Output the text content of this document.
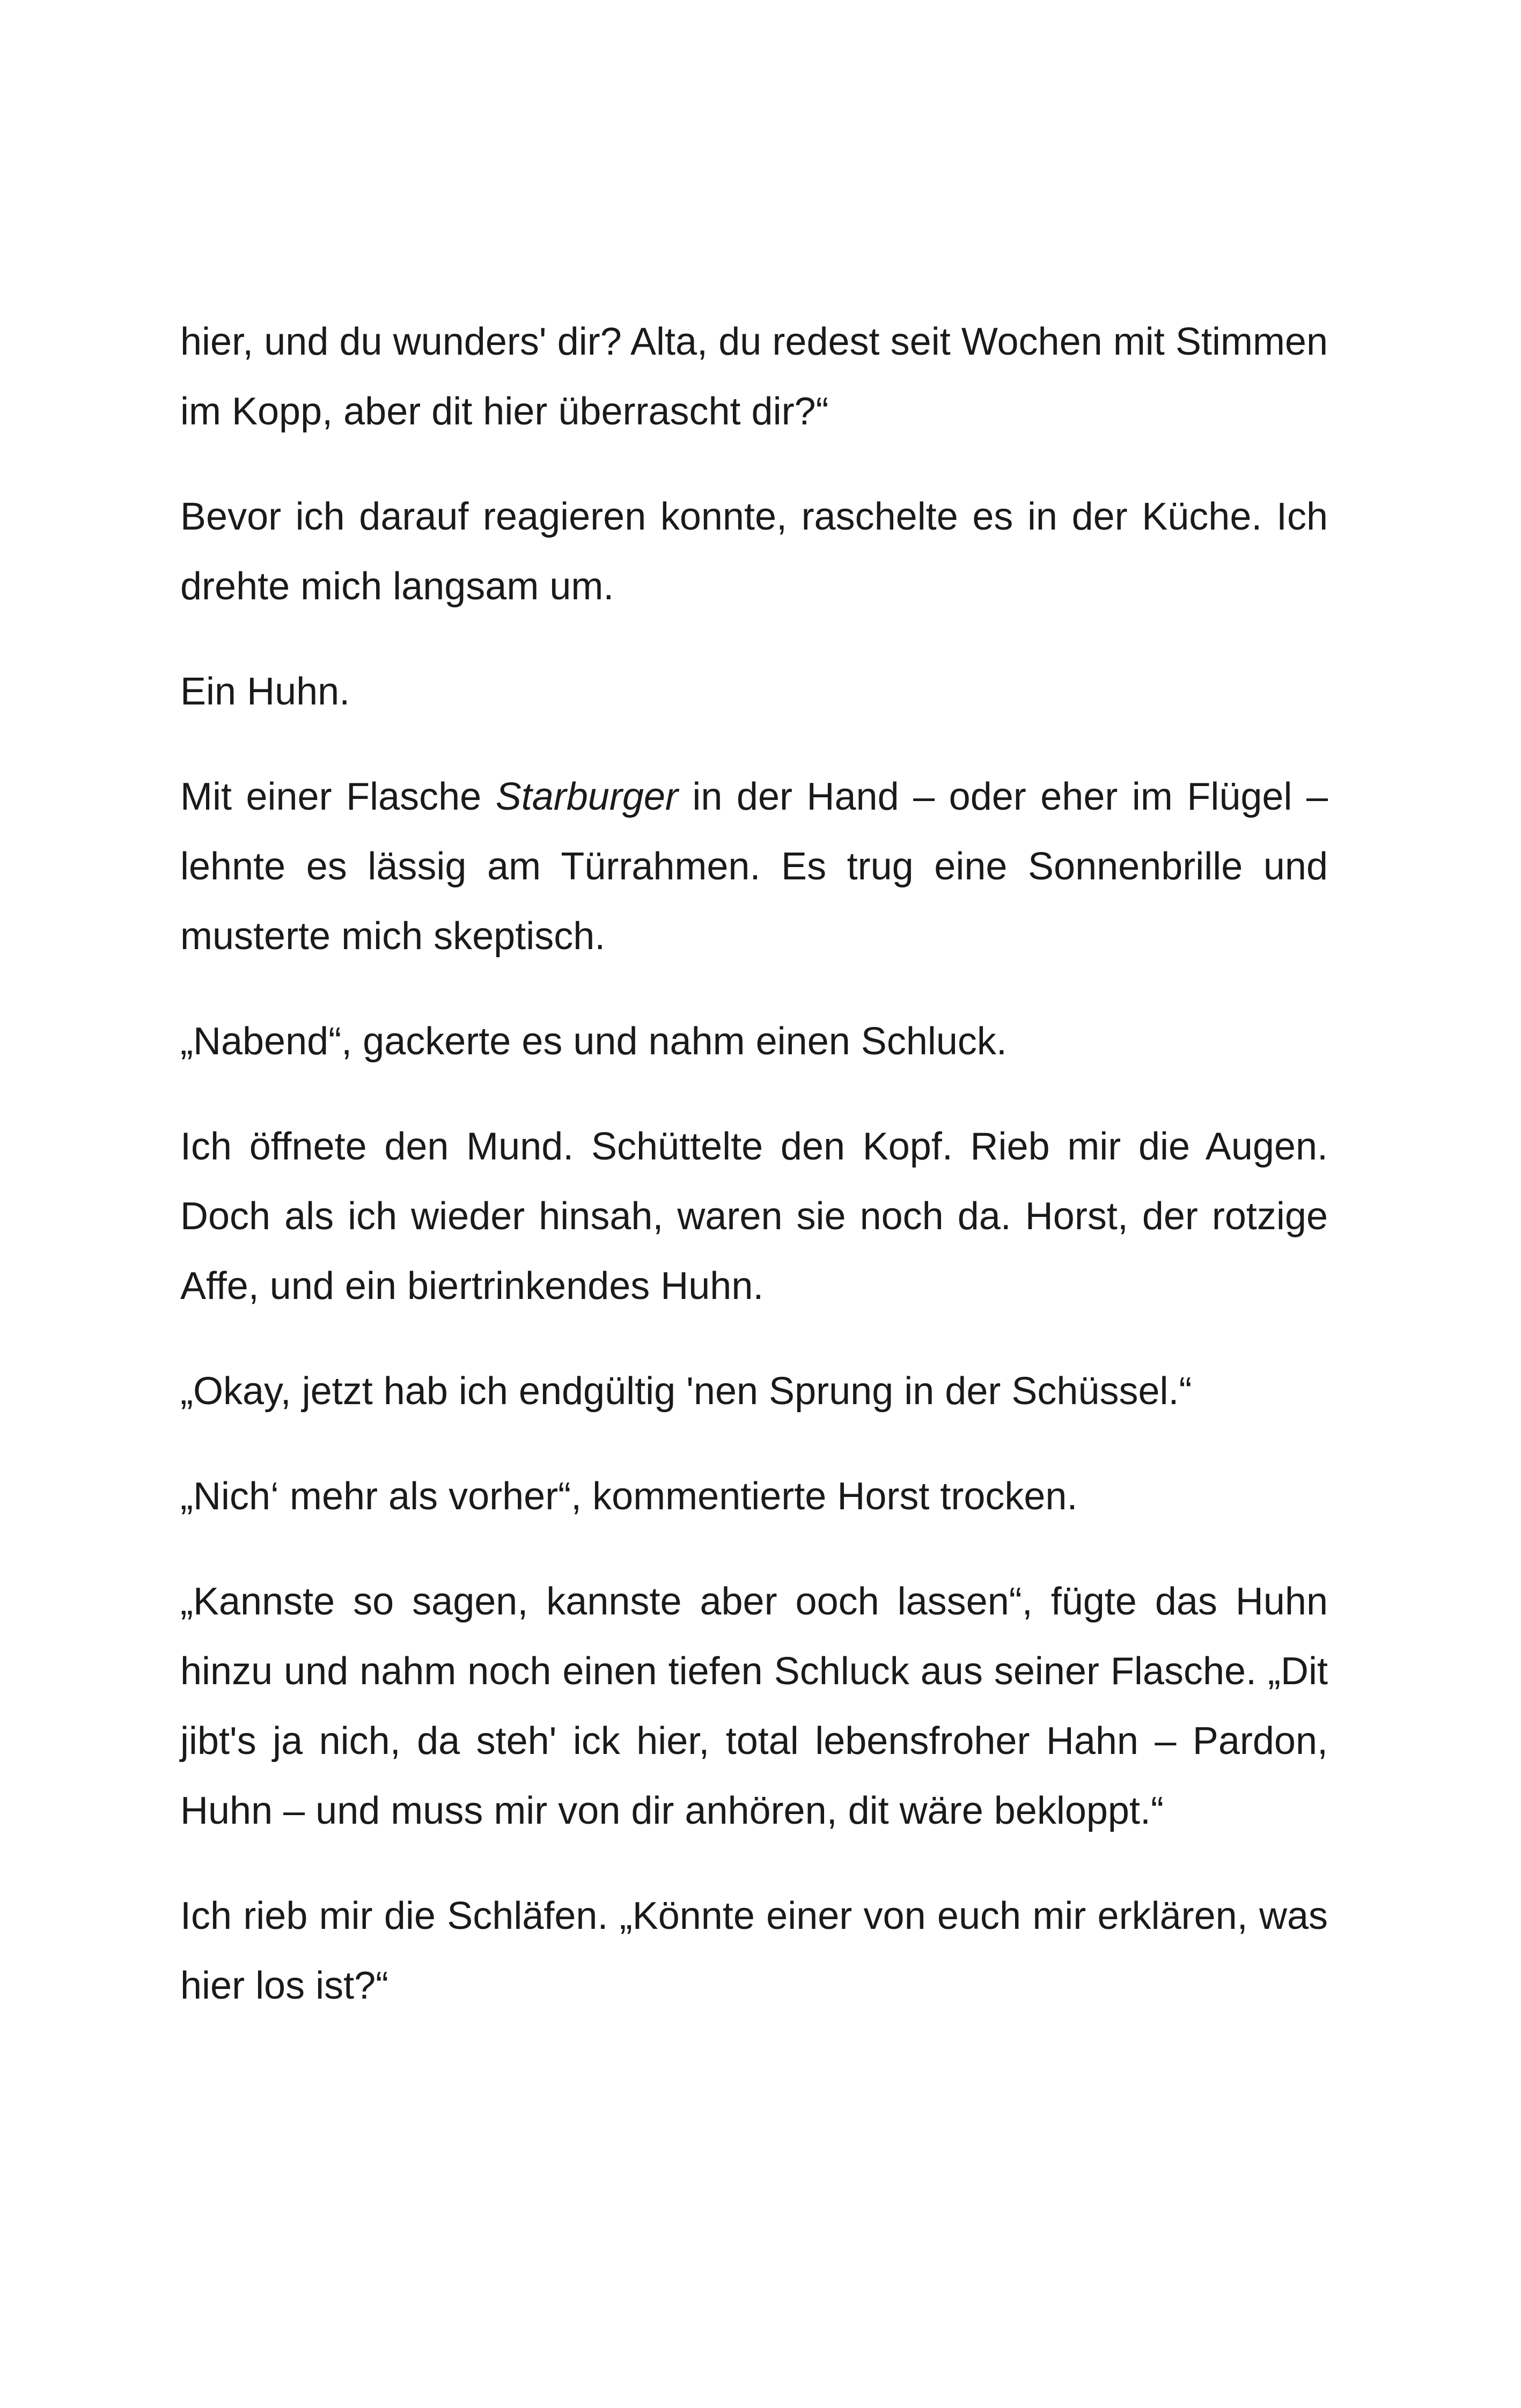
hier, und du wunders' dir? Alta, du redest seit Wochen mit Stimmen im Kopp, aber dit hier überrascht dir?“

Bevor ich darauf reagieren konnte, raschelte es in der Küche. Ich drehte mich langsam um.

Ein Huhn.

Mit einer Flasche Starburger in der Hand – oder eher im Flügel – lehnte es lässig am Türrahmen. Es trug eine Sonnenbrille und musterte mich skeptisch.

„Nabend“, gackerte es und nahm einen Schluck.

Ich öffnete den Mund. Schüttelte den Kopf. Rieb mir die Augen. Doch als ich wieder hinsah, waren sie noch da. Horst, der rotzige Affe, und ein biertrinkendes Huhn.

„Okay, jetzt hab ich endgültig 'nen Sprung in der Schüssel.“

„Nich‘ mehr als vorher“, kommentierte Horst trocken.

„Kannste so sagen, kannste aber ooch lassen“, fügte das Huhn hinzu und nahm noch einen tiefen Schluck aus seiner Flasche. „Dit jibt's ja nich, da steh' ick hier, total lebensfroher Hahn – Pardon, Huhn – und muss mir von dir anhören, dit wäre bekloppt.“

Ich rieb mir die Schläfen. „Könnte einer von euch mir erklären, was hier los ist?“
